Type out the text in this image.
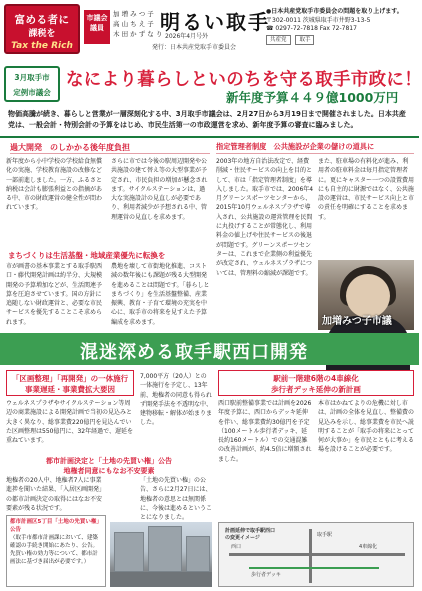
富める者に
課税を
Tax the Rich
市議会議員
加 増 み つ 子
高 山 ち え 子
木 田 か ず な り
明るい取手
2026年4月号外
発行：日本共産党取手市委員会
●日本共産党取手市委員会の問題を取り上げます。
〒302-0011 茨城県取手市井野3-13-5
☎ 0297-72-7818 Fax 72-7817
共産党 取手
3月取手市
定例市議会
なにより暮らしといのちを守る取手市政に！
新年度予算４４９億1000万円
物価高騰が続き、暮らしと営業が一層深刻化する中、3月取手市議会は、2月27日から3月19日まで開催されました。日本共産党は、一般会計・特別会計の予算をはじめ、市民生活第一の市政運営を求め、新年度予算の審査に臨みました。
過大開発　のしかかる後年度負担
新年度から小中学校の学校給食無償化の実施、学校教育施設の改修など一部前進しました。一方、ふるさと納税は会計も膨張利益との指摘がある中、市の財政運営の健全性が問われています。
さらに市では今後の駅周辺開発や公共施設の建て替え等の大型事業が予定され、市民負担の増加が懸念されます。サイクルステーションは、過大な実施設計の見直しが必要であり、利用者減少が予想される中、管理運営の見直しを求めます。
まちづくりは生活基盤・地域産業優先に転換を
市が画書の基本事業とする取手駅西口・藤代開発計画は約半分、大規模開発の予算増加などが、生活関連予算を圧迫させています。国の方針に追随しない財政運営と、必要な市民サービスを優先することこそ求められます。
農地を壊して市街地化推進、コスト減の数年後にも課題が残る大型開発を進めることは問題です。「暮らしとまちづくり」を生活基盤整備、産業振興、教育・子育て環境の充実を中心に、取手市の将来を見すえた予算編成を求めます。
指定管理者制度　公共施設が企業の儲けの道具に
2003年の地方自治法改定で、経費削減・住民サービスの向上を目的として、市は「指定管理者制度」を導入しました。取手市では、2006年4月グリーンスポーツセンターから、2015年10月ウェルネスプラザで導入され、公共施設の運営管理を民間に丸投げすることが常態化し、利用料金の値上げや住民サービスの後退が問題です。グリーンスポーツセンターは、これまで企業側の利益優先が改定され、ウェルネスプラザについては、管理料の縮減が課題です。
また、駐車場の有料化が進み、利用者の駐車料金は毎月指定管理者に。更にキャスター一つの設置費用にも自主的に財源ではなく、公共施設の運営は、市民サービス向上と市の責任を明確にすることを求めます。
加増みつ子市議
混迷深める取手駅西口開発
「区画整理」「再開発」の一体施行
事業遅延・事業費拡大要因
ウェルネスプラザやサイクルステーション等周辺の商業施設による開発計画で当初の見込みと大きく異なり、総事業費220億円を見込んでいた区画整理は550億円に、32年経過で、遅延を重ねています。
7,000平方（20人）との一体施行を予定し、13年前、地権者の同意も得られず開発手法を不透明な中、建物移転・解体が始まりました。
都市計画決定と「土地の先買い権」公告
地権者同意にもなお不安要素
地権者の20人中、地権者7人に事業進捗を聞いた結果、「入居区画開発」の都市計画決定の取得にはなお不安要素が残る状況です。
「土地の先買い権」の公告、さらに2月27日には、地権者の意思とは無関係に、今後は進めるということになりました。
都市計画区5丁目「土地の先買い権」公告
（取手市都市計画課において、建築確認の手続き開始にあたり、公告。先買い権の効力等について、都市計画法に基づき届出が必要です。）
駅前一階建6階の4車線化
歩行者デッキ延伸の新計画
西口駅前整備事業では計画を2026年度予算に、西口からデッキ延伸を伴い、総事業費約30億円を予定（100メートル歩行者デッキ、延長約160メートル）での交通混雑の改善計画が、約4.5倍に増額されました。
本市はかねてよりの危機に対し市は、計画の全体を見直し、整備費の見込みを示し、総事業費を市民へ説明することが「取手の将来にとって何が大事か」を市民とともに考える場を設けることが必要です。
取手駅
西口
歩行者デッキ
4車線化
計画延伸で取手駅西口
の変更イメージ
